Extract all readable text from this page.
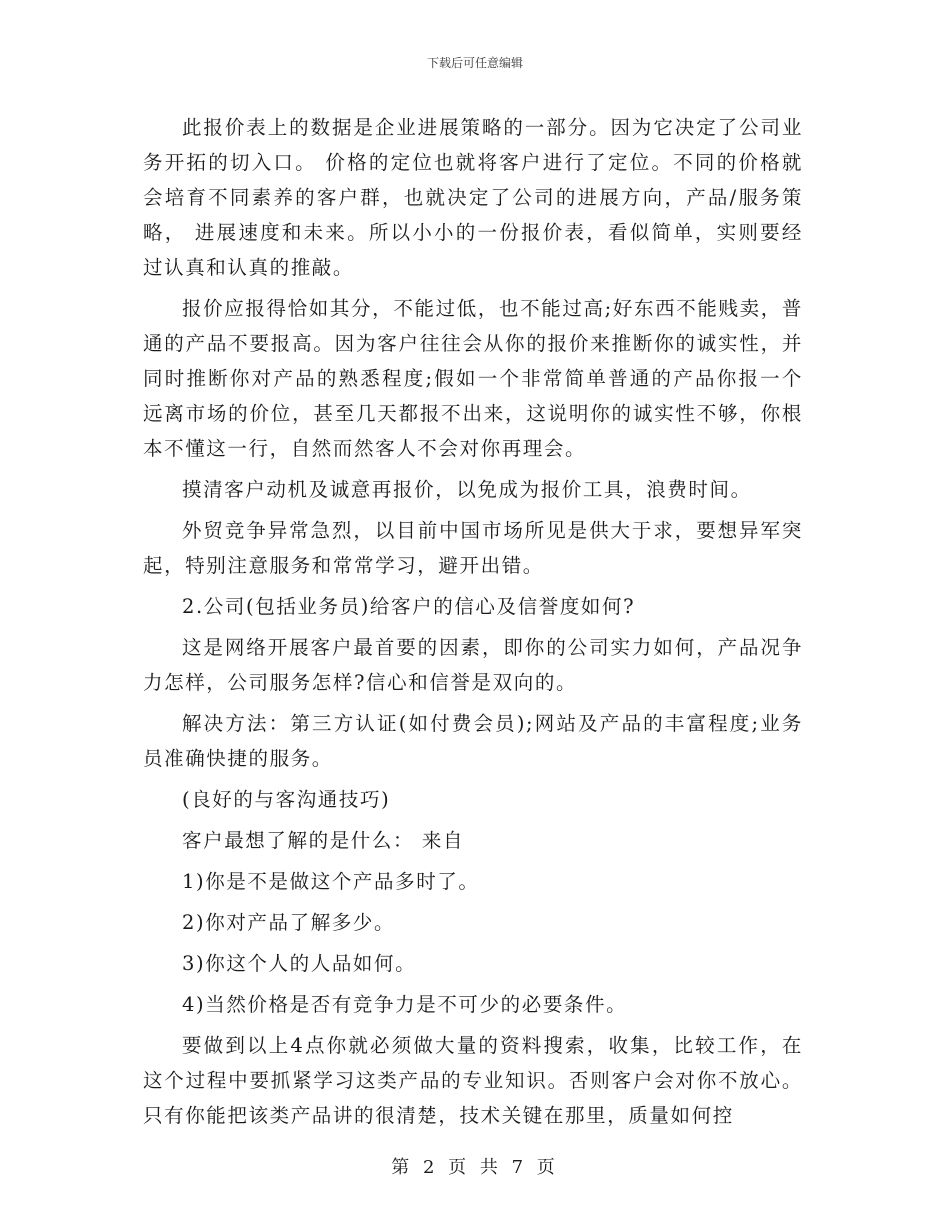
下载后可任意编辑

此报价表上的数据是企业进展策略的一部分。因为它决定了公司业务开拓的切入口。 价格的定位也就将客户进行了定位。不同的价格就会培育不同素养的客户群，也就决定了公司的进展方向，产品/服务策略， 进展速度和未来。所以小小的一份报价表，看似简单，实则要经过认真和认真的推敲。

报价应报得恰如其分，不能过低，也不能过高;好东西不能贱卖，普通的产品不要报高。因为客户往往会从你的报价来推断你的诚实性，并同时推断你对产品的熟悉程度;假如一个非常简单普通的产品你报一个远离市场的价位，甚至几天都报不出来，这说明你的诚实性不够，你根本不懂这一行，自然而然客人不会对你再理会。

摸清客户动机及诚意再报价，以免成为报价工具，浪费时间。

外贸竞争异常急烈，以目前中国市场所见是供大于求，要想异军突起，特别注意服务和常常学习，避开出错。

2.公司(包括业务员)给客户的信心及信誉度如何?

这是网络开展客户最首要的因素，即你的公司实力如何，产品况争力怎样，公司服务怎样?信心和信誉是双向的。

解决方法：第三方认证(如付费会员);网站及产品的丰富程度;业务员准确快捷的服务。

(良好的与客沟通技巧)

客户最想了解的是什么： 来自

1)你是不是做这个产品多时了。

2)你对产品了解多少。

3)你这个人的人品如何。

4)当然价格是否有竞争力是不可少的必要条件。

要做到以上4点你就必须做大量的资料搜索，收集，比较工作，在这个过程中要抓紧学习这类产品的专业知识。否则客户会对你不放心。只有你能把该类产品讲的很清楚，技术关键在那里，质量如何控

第 2 页 共 7 页
